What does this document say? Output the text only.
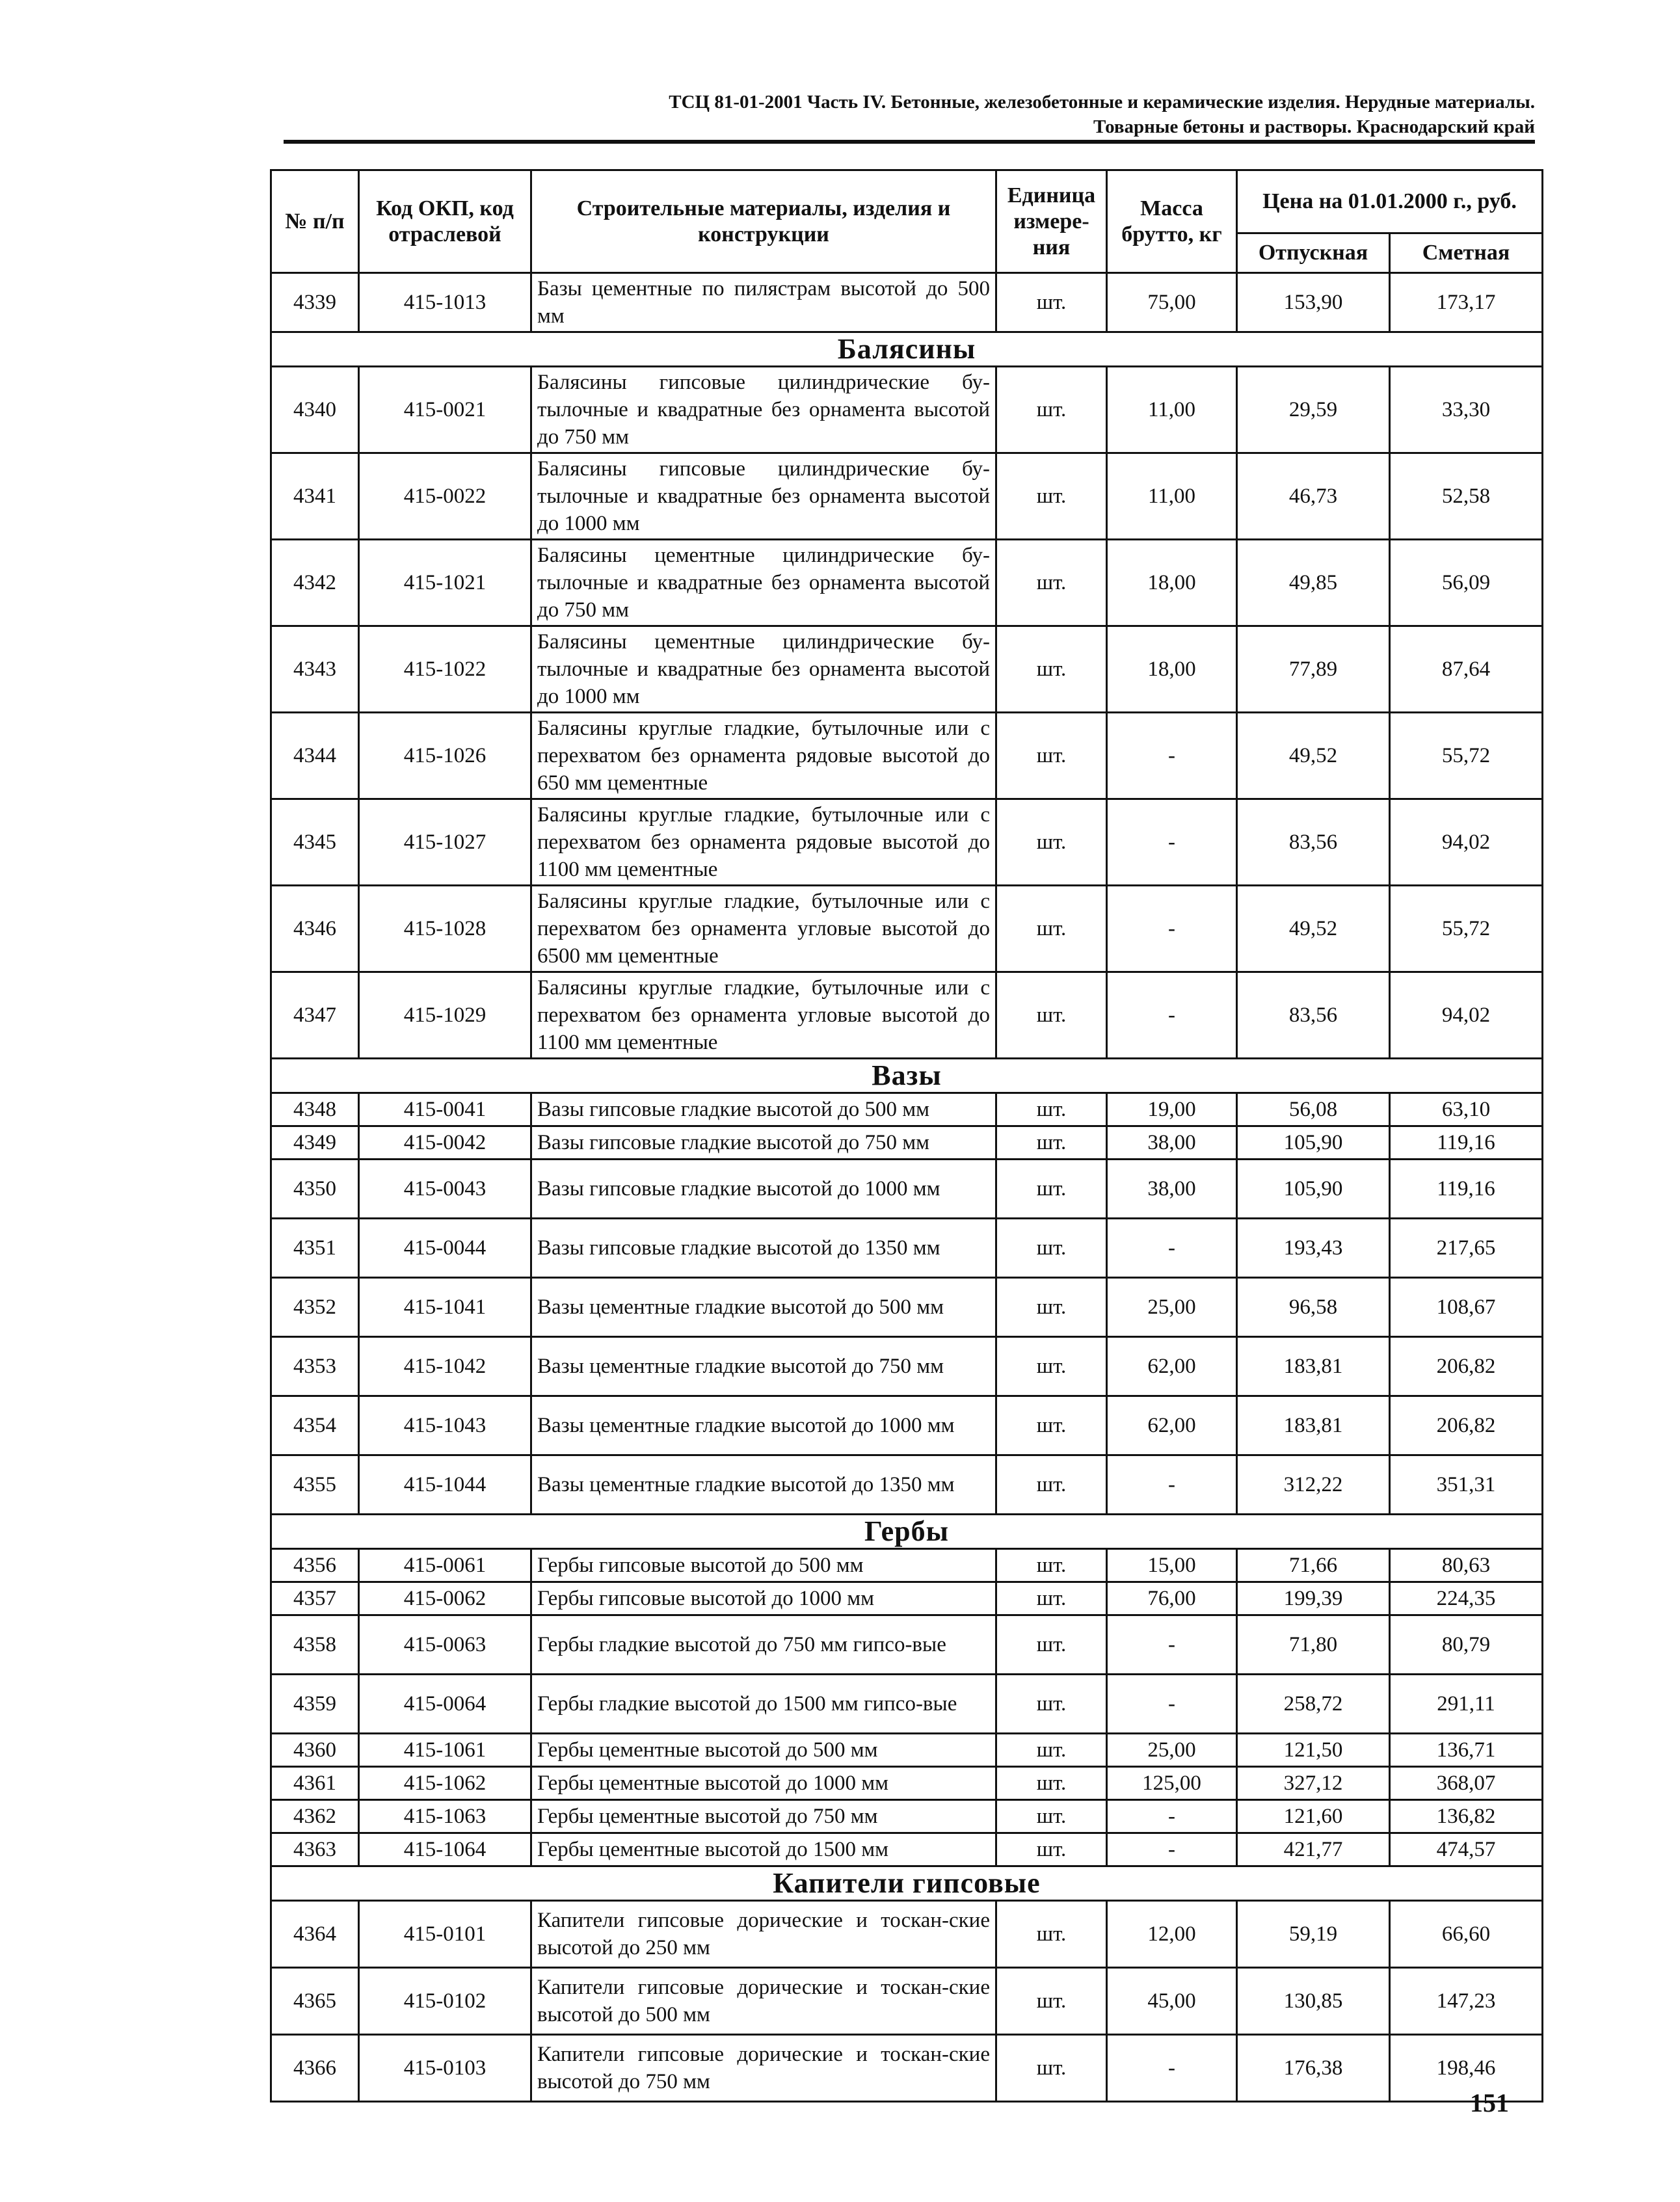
ТСЦ 81-01-2001 Часть IV. Бетонные, железобетонные и керамические изделия. Нерудные материалы.
Товарные бетоны и растворы. Краснодарский край
№ п/п	Код ОКП, код отраслевой	Строительные материалы, изделия и конструкции	Единица измере-ния	Масса брутто, кг	Цена на 01.01.2000 г., руб.	
					Отпускная	Сметная
4339	415-1013	Базы цементные по пилястрам высотой до 500 мм	шт.	75,00	153,90	173,17
Балясины						
4340	415-0021	Балясины гипсовые цилиндрические бу-тылочные и квадратные без орнамента высотой до 750 мм	шт.	11,00	29,59	33,30
4341	415-0022	Балясины гипсовые цилиндрические бу-тылочные и квадратные без орнамента высотой до 1000 мм	шт.	11,00	46,73	52,58
4342	415-1021	Балясины цементные цилиндрические бу-тылочные и квадратные без орнамента высотой до 750 мм	шт.	18,00	49,85	56,09
4343	415-1022	Балясины цементные цилиндрические бу-тылочные и квадратные без орнамента высотой до 1000 мм	шт.	18,00	77,89	87,64
4344	415-1026	Балясины круглые гладкие, бутылочные или с перехватом без орнамента рядовые высотой до 650 мм цементные	шт.	-	49,52	55,72
4345	415-1027	Балясины круглые гладкие, бутылочные или с перехватом без орнамента рядовые высотой до 1100 мм цементные	шт.	-	83,56	94,02
4346	415-1028	Балясины круглые гладкие, бутылочные или с перехватом без орнамента угловые высотой до 6500 мм цементные	шт.	-	49,52	55,72
4347	415-1029	Балясины круглые гладкие, бутылочные или с перехватом без орнамента угловые высотой до 1100 мм цементные	шт.	-	83,56	94,02
Вазы						
4348	415-0041	Вазы гипсовые гладкие высотой до 500 мм	шт.	19,00	56,08	63,10
4349	415-0042	Вазы гипсовые гладкие высотой до 750 мм	шт.	38,00	105,90	119,16
4350	415-0043	Вазы гипсовые гладкие высотой до 1000 мм	шт.	38,00	105,90	119,16
4351	415-0044	Вазы гипсовые гладкие высотой до 1350 мм	шт.	-	193,43	217,65
4352	415-1041	Вазы цементные гладкие высотой до 500 мм	шт.	25,00	96,58	108,67
4353	415-1042	Вазы цементные гладкие высотой до 750 мм	шт.	62,00	183,81	206,82
4354	415-1043	Вазы цементные гладкие высотой до 1000 мм	шт.	62,00	183,81	206,82
4355	415-1044	Вазы цементные гладкие высотой до 1350 мм	шт.	-	312,22	351,31
Гербы						
4356	415-0061	Гербы гипсовые высотой до 500 мм	шт.	15,00	71,66	80,63
4357	415-0062	Гербы гипсовые высотой до 1000 мм	шт.	76,00	199,39	224,35
4358	415-0063	Гербы гладкие высотой до 750 мм гипсо-вые	шт.	-	71,80	80,79
4359	415-0064	Гербы гладкие высотой до 1500 мм гипсо-вые	шт.	-	258,72	291,11
4360	415-1061	Гербы цементные высотой до 500 мм	шт.	25,00	121,50	136,71
4361	415-1062	Гербы цементные высотой до 1000 мм	шт.	125,00	327,12	368,07
4362	415-1063	Гербы цементные высотой до 750 мм	шт.	-	121,60	136,82
4363	415-1064	Гербы цементные высотой до 1500 мм	шт.	-	421,77	474,57
Капители гипсовые						
4364	415-0101	Капители гипсовые дорические и тоскан-ские высотой до 250 мм	шт.	12,00	59,19	66,60
4365	415-0102	Капители гипсовые дорические и тоскан-ские высотой до 500 мм	шт.	45,00	130,85	147,23
4366	415-0103	Капители гипсовые дорические и тоскан-ские высотой до 750 мм	шт.	-	176,38	198,46
151
